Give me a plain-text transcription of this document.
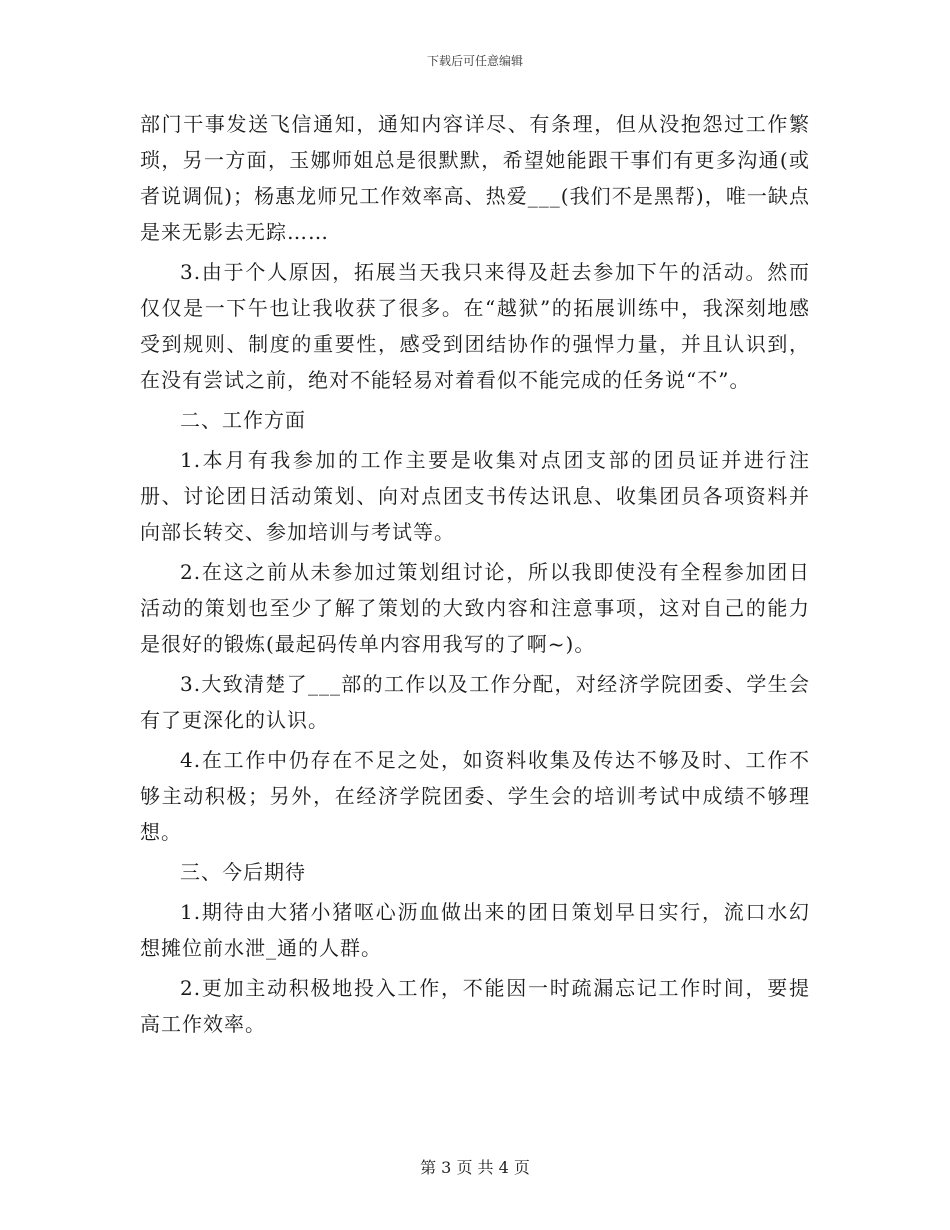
下载后可任意编辑

部门干事发送飞信通知，通知内容详尽、有条理，但从没抱怨过工作繁琐，另一方面，玉娜师姐总是很默默，希望她能跟干事们有更多沟通(或者说调侃)；杨惠龙师兄工作效率高、热爱___(我们不是黑帮)，唯一缺点是来无影去无踪……

3.由于个人原因，拓展当天我只来得及赶去参加下午的活动。然而仅仅是一下午也让我收获了很多。在“越狱”的拓展训练中，我深刻地感受到规则、制度的重要性，感受到团结协作的强悍力量，并且认识到，在没有尝试之前，绝对不能轻易对着看似不能完成的任务说“不”。

二、工作方面

1.本月有我参加的工作主要是收集对点团支部的团员证并进行注册、讨论团日活动策划、向对点团支书传达讯息、收集团员各项资料并向部长转交、参加培训与考试等。

2.在这之前从未参加过策划组讨论，所以我即使没有全程参加团日活动的策划也至少了解了策划的大致内容和注意事项，这对自己的能力是很好的锻炼(最起码传单内容用我写的了啊~)。

3.大致清楚了___部的工作以及工作分配，对经济学院团委、学生会有了更深化的认识。

4.在工作中仍存在不足之处，如资料收集及传达不够及时、工作不够主动积极；另外，在经济学院团委、学生会的培训考试中成绩不够理想。

三、今后期待

1.期待由大猪小猪呕心沥血做出来的团日策划早日实行，流口水幻想摊位前水泄_通的人群。

2.更加主动积极地投入工作，不能因一时疏漏忘记工作时间，要提高工作效率。

第 3 页 共 4 页
